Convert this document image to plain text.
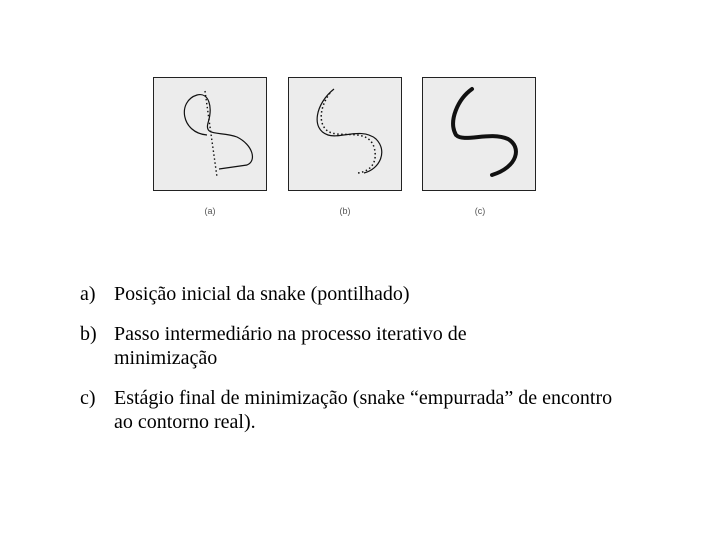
(a)	(b)	(c)
a) Posição inicial da snake (pontilhado)
b) Passo intermediário na processo iterativo de minimização
c) Estágio final de minimização (snake “empurrada” de encontro ao contorno real).
